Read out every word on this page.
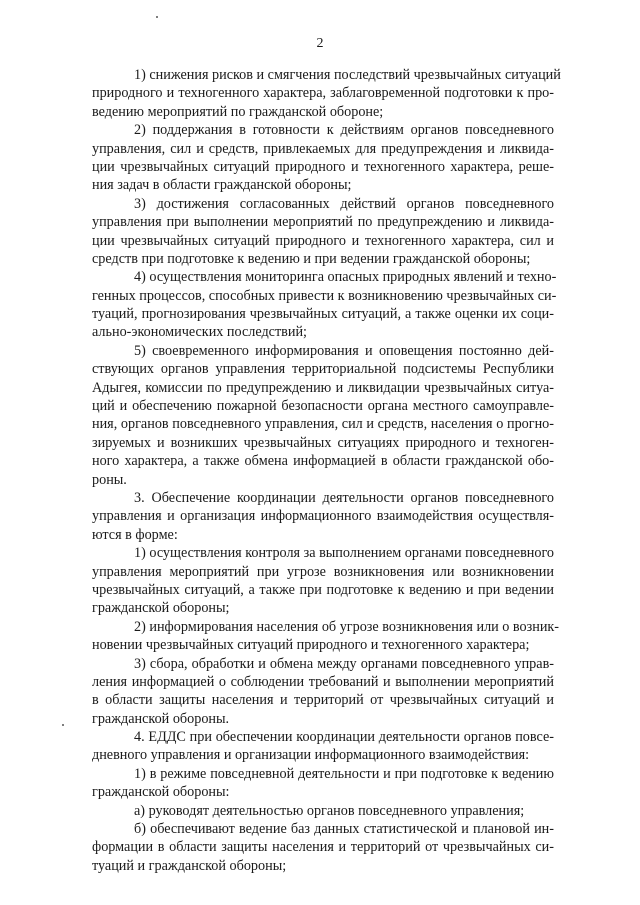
2
1) снижения рисков и смягчения последствий чрезвычайных ситуаций
природного и техногенного характера, заблаговременной подготовки к про-
ведению мероприятий по гражданской обороне;
2) поддержания в готовности к действиям органов повседневного
управления, сил и средств, привлекаемых для предупреждения и ликвида-
ции чрезвычайных ситуаций природного и техногенного характера, реше-
ния задач в области гражданской обороны;
3) достижения согласованных действий органов повседневного
управления при выполнении мероприятий по предупреждению и ликвида-
ции чрезвычайных ситуаций природного и техногенного характера, сил и
средств при подготовке к ведению и при ведении гражданской обороны;
4) осуществления мониторинга опасных природных явлений и техно-
генных процессов, способных привести к возникновению чрезвычайных си-
туаций, прогнозирования чрезвычайных ситуаций, а также оценки их соци-
ально-экономических последствий;
5) своевременного информирования и оповещения постоянно дей-
ствующих органов управления территориальной подсистемы Республики
Адыгея, комиссии по предупреждению и ликвидации чрезвычайных ситуа-
ций и обеспечению пожарной безопасности органа местного самоуправле-
ния, органов повседневного управления, сил и средств, населения о прогно-
зируемых и возникших чрезвычайных ситуациях природного и техноген-
ного характера, а также обмена информацией в области гражданской обо-
роны.
3. Обеспечение координации деятельности органов повседневного
управления и организация информационного взаимодействия осуществля-
ются в форме:
1) осуществления контроля за выполнением органами повседневного
управления мероприятий при угрозе возникновения или возникновении
чрезвычайных ситуаций, а также при подготовке к ведению и при ведении
гражданской обороны;
2) информирования населения об угрозе возникновения или о возник-
новении чрезвычайных ситуаций природного и техногенного характера;
3) сбора, обработки и обмена между органами повседневного управ-
ления информацией о соблюдении требований и выполнении мероприятий
в области защиты населения и территорий от чрезвычайных ситуаций и
гражданской обороны.
4. ЕДДС при обеспечении координации деятельности органов повсе-
дневного управления и организации информационного взаимодействия:
1) в режиме повседневной деятельности и при подготовке к ведению
гражданской обороны:
а) руководят деятельностью органов повседневного управления;
б) обеспечивают ведение баз данных статистической и плановой ин-
формации в области защиты населения и территорий от чрезвычайных си-
туаций и гражданской обороны;
